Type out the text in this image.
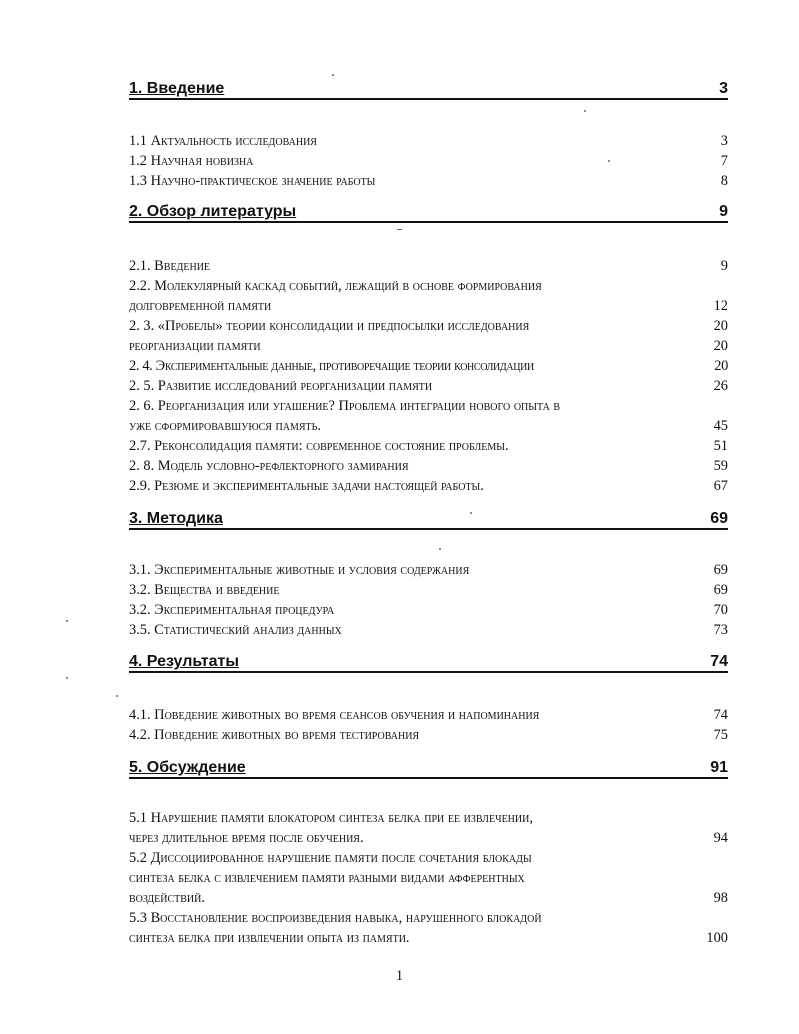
1. Введение	3
1.1 Актуальность исследования	3
1.2 Научная новизна	7
1.3 Научно-практическое значение работы	8
2. Обзор литературы	9
2.1. Введение	9
2.2. Молекулярный каскад событий, лежащий в основе формирования
долговременной памяти	12
2. 3. «Пробелы» теории консолидации и предпосылки исследования	20
реорганизации памяти	20
2. 4. Экспериментальные данные, противоречащие теории консолидации	20
2. 5. Развитие исследований реорганизации памяти	26
2. 6. Реорганизация или угашение? Проблема интеграции нового опыта в
уже сформировавшуюся память.	45
2.7. Реконсолидация памяти: современное состояние проблемы.	51
2. 8. Модель условно-рефлекторного замирания	59
2.9. Резюме и экспериментальные задачи настоящей работы.	67
3. Методика	69
3.1. Экспериментальные животные и условия содержания	69
3.2. Вещества и введение	69
3.2. Экспериментальная процедура	70
3.5. Статистический анализ данных	73
4. Результаты	74
4.1. Поведение животных во время сеансов обучения и напоминания	74
4.2. Поведение животных во время тестирования	75
5. Обсуждение	91
5.1 Нарушение памяти блокатором синтеза белка при ее извлечении,
через длительное время после обучения.	94
5.2 Диссоциированное нарушение памяти после сочетания блокады
синтеза белка с извлечением памяти разными видами афферентных
воздействий.	98
5.3 Восстановление воспроизведения навыка, нарушенного блокадой
синтеза белка при извлечении опыта из памяти.	100
1
